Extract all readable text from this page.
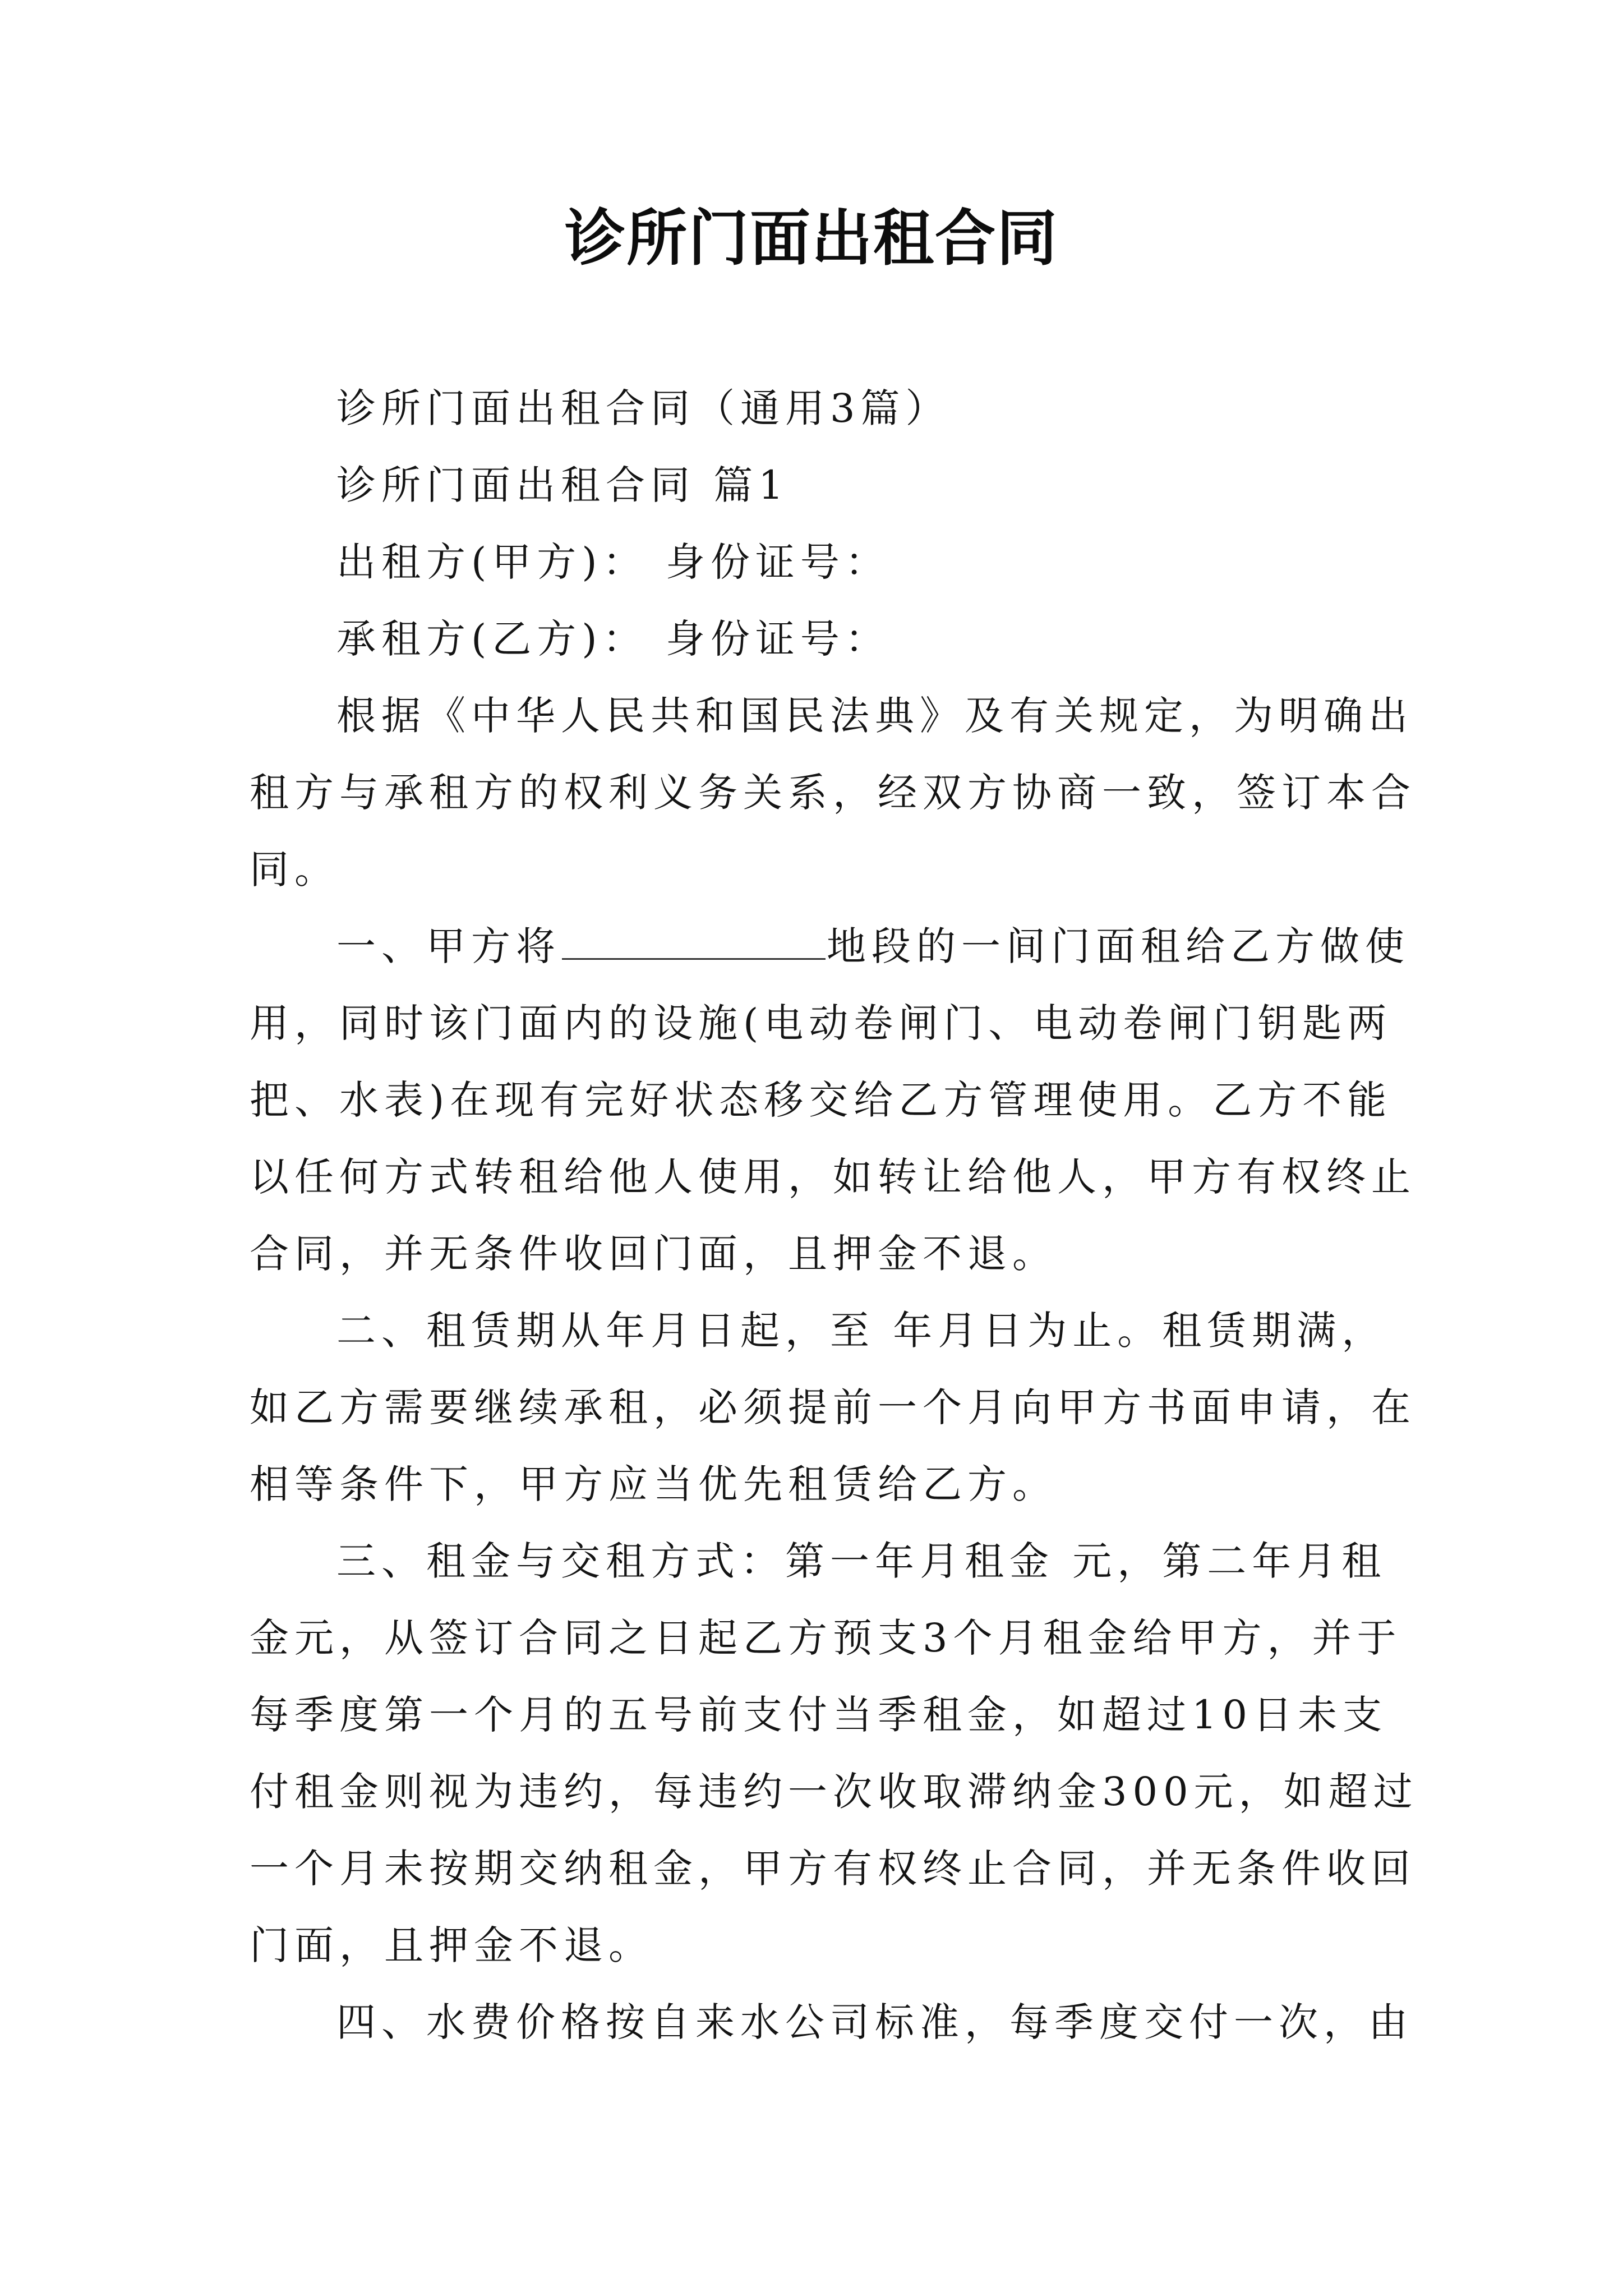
诊所门面出租合同

诊所门面出租合同（通用3篇）

诊所门面出租合同 篇1

出租方(甲方)： 身份证号：

承租方(乙方)： 身份证号：

根据《中华人民共和国民法典》及有关规定，为明确出

租方与承租方的权利义务关系，经双方协商一致，签订本合

同。

一、甲方将	地段的一间门面租给乙方做使

用，同时该门面内的设施(电动卷闸门、电动卷闸门钥匙两

把、水表)在现有完好状态移交给乙方管理使用。乙方不能

以任何方式转租给他人使用，如转让给他人，甲方有权终止

合同，并无条件收回门面，且押金不退。

二、租赁期从年月日起，至 年月日为止。租赁期满，

如乙方需要继续承租，必须提前一个月向甲方书面申请，在

相等条件下，甲方应当优先租赁给乙方。

三、租金与交租方式：第一年月租金 元，第二年月租

金元，从签订合同之日起乙方预支3个月租金给甲方，并于

每季度第一个月的五号前支付当季租金，如超过10日未支

付租金则视为违约，每违约一次收取滞纳金300元，如超过

一个月未按期交纳租金，甲方有权终止合同，并无条件收回

门面，且押金不退。

四、水费价格按自来水公司标准，每季度交付一次，由
